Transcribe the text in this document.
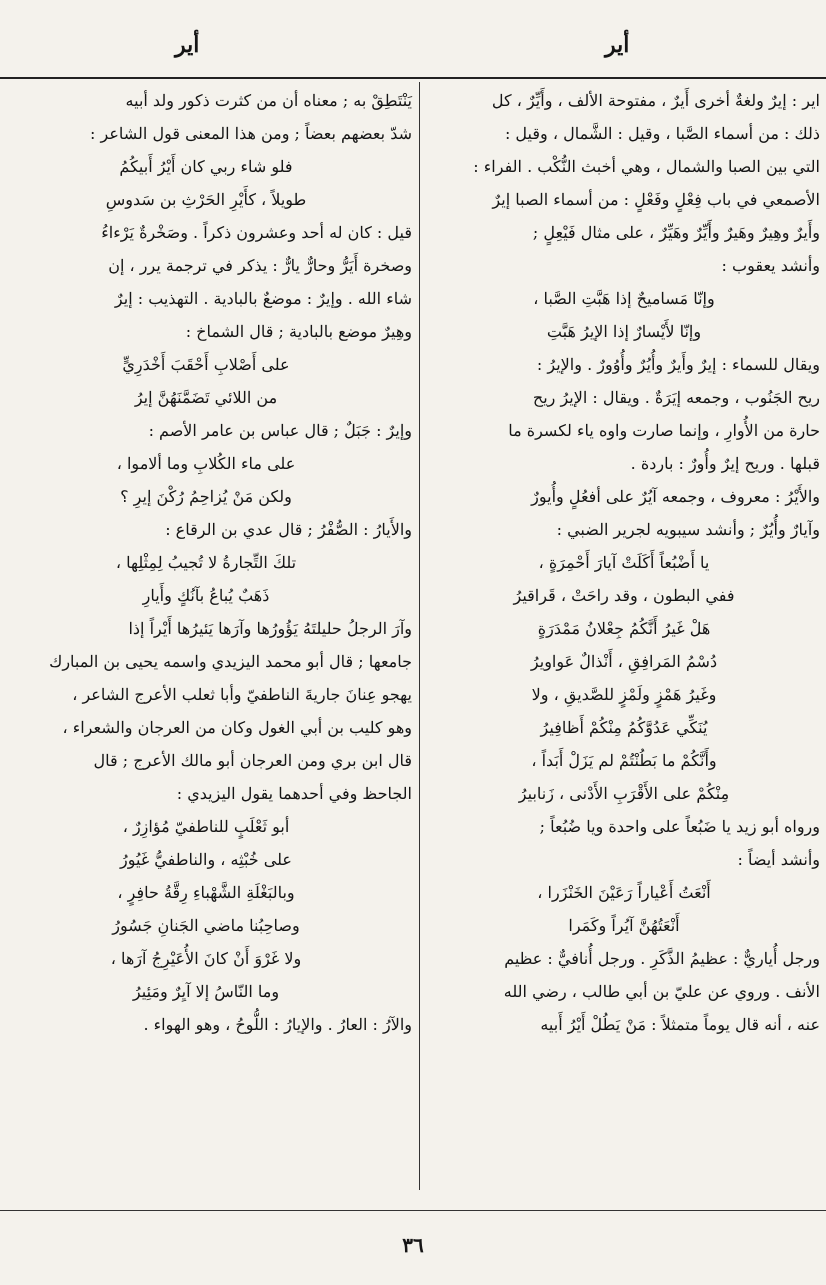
أير
أير

اير : إيرٌ ولغةٌ أخرى أَيرٌ ، مفتوحة الألف ، وأَيِّرٌ ، كل

ذلك : من أسماء الصَّبا ، وقيل : الشَّمال ، وقيل :

التي بين الصبا والشمال ، وهي أخبث النُّكْب . الفراء :

الأصمعي في باب فِعْلٍ وفَعْلٍ : من أسماء الصبا إيرٌ

وأَيرٌ وهِيرٌ وهَيرٌ وأَيِّرٌ وهَيِّرٌ ، على مثال فَيْعِلٍ ;

وأنشد يعقوب :

وإنّا مَساميحٌ إذا هَبَّتِ الصَّبا ،

وإنّا لأَيْسارٌ إذا الإيرُ هَبَّتِ

ويقال للسماء : إيرٌ وأَيرٌ وأُيُرٌ وأُوُورٌ . والإيرُ :

ريح الجَنُوب ، وجمعه إيَرَةٌ . ويقال : الإيرُ ريح

حارة من الأُوارِ ، وإنما صارت واوه ياء لكسرة ما

قبلها . وريح إيرٌ وأُورٌ : باردة .

والأَيْرُ : معروف ، وجمعه آيُرٌ على أفعُلٍ وأُيورٌ

وآيارٌ وأُيُرٌ ; وأنشد سيبويه لجرير الضبي :

يا أَضْبُعاً أَكَلَتْ آيارَ أَحْمِرَةٍ ،

ففي البطون ، وقد راحَتْ ، قَراقيرُ

هَلْ غَيرُ أَنَّكُمُ جِعْلانُ مَمْدَرَةٍ

دُسْمُ المَرافِقِ ، أَنْذالٌ عَواويرُ

وغَيرُ هَمْزٍ ولَمْزٍ للصَّديقِ ، ولا

يُنَكِّي عَدُوَّكُمُ مِنْكُمْ أَظافِيرُ

وأَنَّكُمْ ما بَطُنْتُمْ لم يَزَلْ أَبَداً ،

مِنْكُمْ على الأَقْرَبِ الأَدْنى ، زَنابيرُ

ورواه أبو زيد يا ضَبُعاً على واحدة ويا ضُبُعاً ;

وأنشد أيضاً :

أَنْعَتُ أَعْياراً رَعَيْنَ الخَنْزَرا ،

أَنْعَتُهُنَّ آيُراً وكَمَرا

ورجل أُياريٌّ : عظيمُ الذَّكَرِ . ورجل أُنافيٌّ : عظيم

الأنف . وروي عن عليّ بن أبي طالب ، رضي الله

عنه ، أنه قال يوماً متمثلاً : مَنْ يَطُلْ أَيْرُ أَبيه

يَنْتَطِقْ به ; معناه أن من كثرت ذكور ولد أبيه

شدّ بعضهم بعضاً ; ومن هذا المعنى قول الشاعر :

فلو شاء ربي كان أَيْرُ أَبيكُمُ

طويلاً ، كأَيْرِ الحَرْثِ بن سَدوسِ

قيل : كان له أحد وعشرون ذكراً . وصَخْرةٌ يَرْءاءُ

وصخرة أَيَرُّ وحارٌّ يارٌّ : يذكر في ترجمة يرر ، إن

شاء الله . وإيرٌ : موضعٌ بالبادية . التهذيب : إيرٌ

وهِيرٌ موضع بالبادية ; قال الشماخ :

على أَصْلابِ أَحْقَبَ أَخْدَرِيٍّ

من اللائي تَضَمَّنَهُنَّ إيرُ

وإيرٌ : جَبَلٌ ; قال عباس بن عامر الأصم :

على ماء الكُلابِ وما ألاموا ،

ولكن مَنْ يُزاحِمُ رُكْنَ إيرِ ؟

والأَيارُ : الصُّفْرُ ; قال عدي بن الرقاع :

تلكَ التِّجارةُ لا تُجيبُ لِمِثْلِها ،

ذَهَبٌ يُباعُ بآنُكٍ وأَيارِ

وآرَ الرجلُ حليلتَهُ يَؤُورُها وآرَها يَئيرُها أَيْراً إذا

جامعها ; قال أبو محمد اليزيدي واسمه يحيى بن المبارك

يهجو عِنانَ جاريةَ الناطفيّ وأبا ثعلب الأعرج الشاعر ،

وهو كليب بن أبي الغول وكان من العرجان والشعراء ،

قال ابن بري ومن العرجان أبو مالك الأعرج ; قال

الجاحظ وفي أحدهما يقول اليزيدي :

أبو ثَعْلَبٍ للناطفيّ مُؤازِرٌ ،

على خُبْثِه ، والناطفيُّ غَيُورُ

وبالبَغْلَةِ الشَّهْباءِ رِقَّةُ حافِرٍ ،

وصاحِبُنا ماضي الجَنانِ جَسُورُ

ولا غَرْوَ أَنْ كانَ الأُعَيْرِجُ آرَها ،

وما النّاسُ إلا آيِرٌ ومَئِيرُ

والآرُ : العارُ . والإيارُ : اللُّوحُ ، وهو الهواء .

٣٦
